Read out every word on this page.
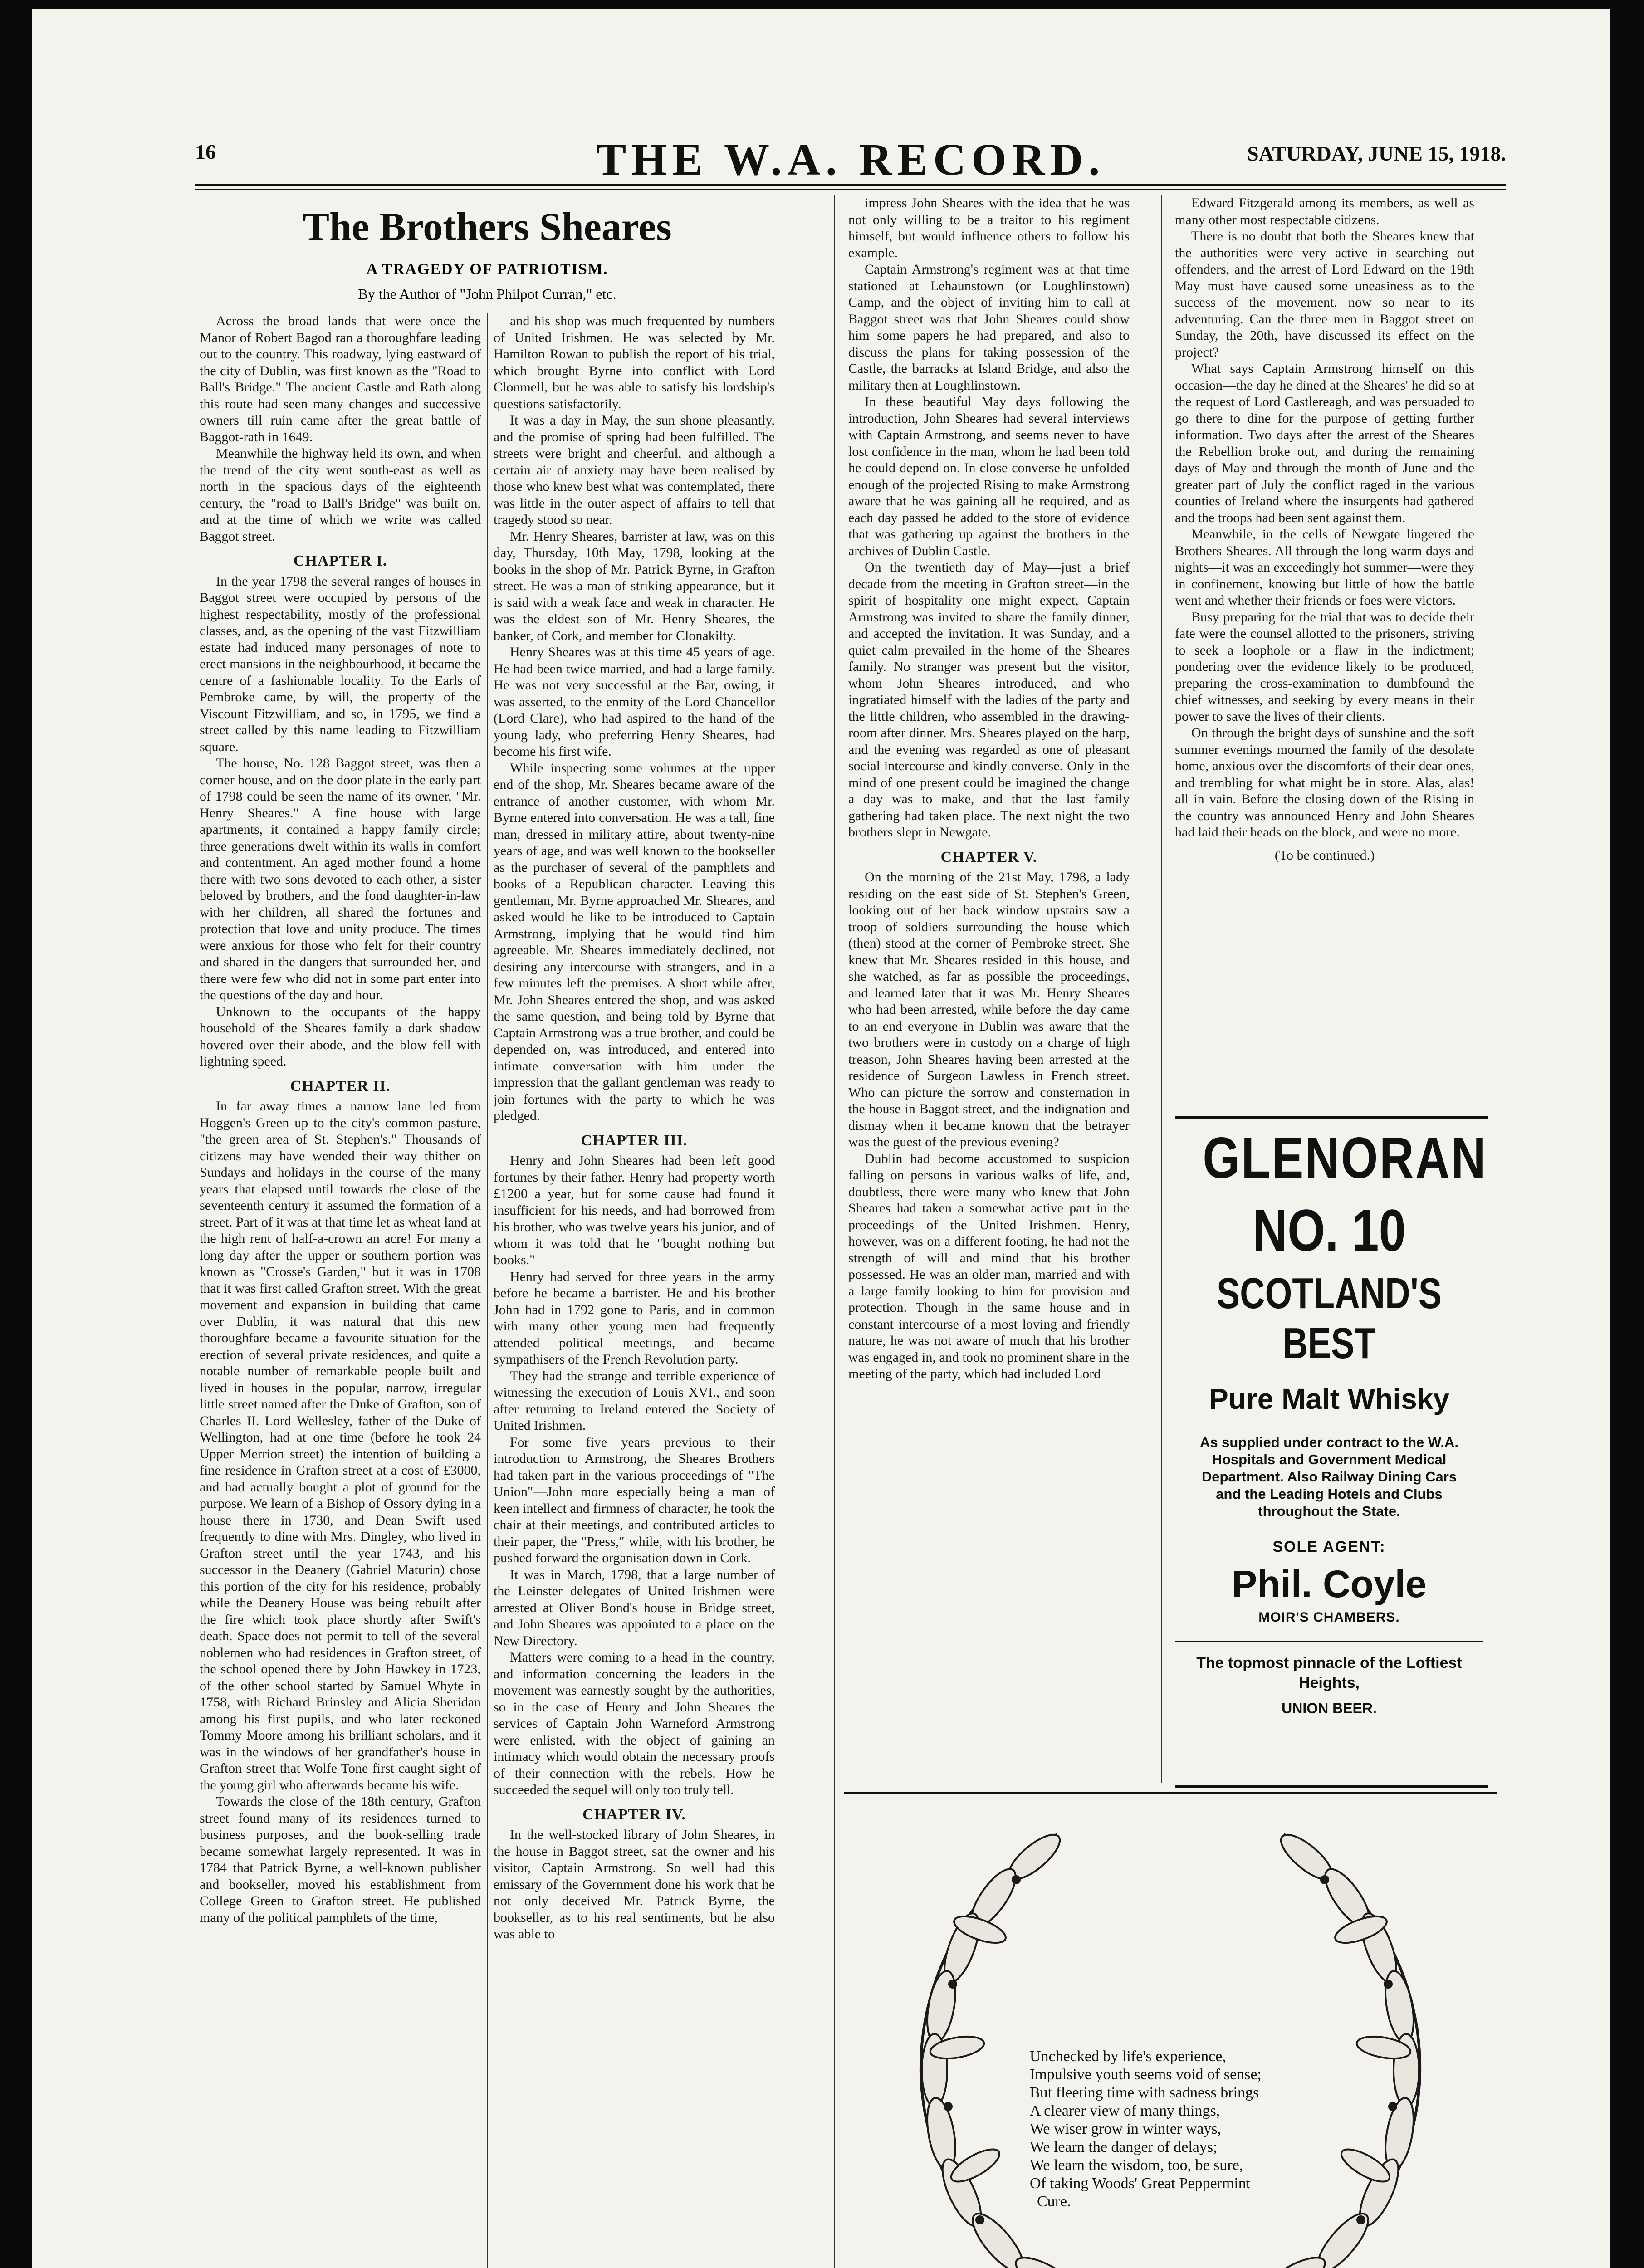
16	THE W.A. RECORD.	SATURDAY, JUNE 15, 1918.
The Brothers Sheares
A TRAGEDY OF PATRIOTISM.
By the Author of "John Philpot Curran," etc.

Across the broad lands that were once the Manor of Robert Bagod ran a thoroughfare leading out to the country. This roadway, lying eastward of the city of Dublin, was first known as the "Road to Ball's Bridge." The ancient Castle and Rath along this route had seen many changes and successive owners till ruin came after the great battle of Baggot-rath in 1649.

Meanwhile the highway held its own, and when the trend of the city went south-east as well as north in the spacious days of the eighteenth century, the "road to Ball's Bridge" was built on, and at the time of which we write was called Baggot street.

CHAPTER I.

In the year 1798 the several ranges of houses in Baggot street were occupied by persons of the highest respectability, mostly of the professional classes, and, as the opening of the vast Fitzwilliam estate had induced many personages of note to erect mansions in the neighbourhood, it became the centre of a fashionable locality. To the Earls of Pembroke came, by will, the property of the Viscount Fitzwilliam, and so, in 1795, we find a street called by this name leading to Fitzwilliam square.

The house, No. 128 Baggot street, was then a corner house, and on the door plate in the early part of 1798 could be seen the name of its owner, "Mr. Henry Sheares." A fine house with large apartments, it contained a happy family circle; three generations dwelt within its walls in comfort and contentment. An aged mother found a home there with two sons devoted to each other, a sister beloved by brothers, and the fond daughter-in-law with her children, all shared the fortunes and protection that love and unity produce. The times were anxious for those who felt for their country and shared in the dangers that surrounded her, and there were few who did not in some part enter into the questions of the day and hour.

Unknown to the occupants of the happy household of the Sheares family a dark shadow hovered over their abode, and the blow fell with lightning speed.

CHAPTER II.

In far away times a narrow lane led from Hoggen's Green up to the city's common pasture, "the green area of St. Stephen's." Thousands of citizens may have wended their way thither on Sundays and holidays in the course of the many years that elapsed until towards the close of the seventeenth century it assumed the formation of a street. Part of it was at that time let as wheat land at the high rent of half-a-crown an acre! For many a long day after the upper or southern portion was known as "Crosse's Garden," but it was in 1708 that it was first called Grafton street. With the great movement and expansion in building that came over Dublin, it was natural that this new thoroughfare became a favourite situation for the erection of several private residences, and quite a notable number of remarkable people built and lived in houses in the popular, narrow, irregular little street named after the Duke of Grafton, son of Charles II. Lord Wellesley, father of the Duke of Wellington, had at one time (before he took 24 Upper Merrion street) the intention of building a fine residence in Grafton street at a cost of £3000, and had actually bought a plot of ground for the purpose. We learn of a Bishop of Ossory dying in a house there in 1730, and Dean Swift used frequently to dine with Mrs. Dingley, who lived in Grafton street until the year 1743, and his successor in the Deanery (Gabriel Maturin) chose this portion of the city for his residence, probably while the Deanery House was being rebuilt after the fire which took place shortly after Swift's death. Space does not permit to tell of the several noblemen who had residences in Grafton street, of the school opened there by John Hawkey in 1723, of the other school started by Samuel Whyte in 1758, with Richard Brinsley and Alicia Sheridan among his first pupils, and who later reckoned Tommy Moore among his brilliant scholars, and it was in the windows of her grandfather's house in Grafton street that Wolfe Tone first caught sight of the young girl who afterwards became his wife.

Towards the close of the 18th century, Grafton street found many of its residences turned to business purposes, and the book-selling trade became somewhat largely represented. It was in 1784 that Patrick Byrne, a well-known publisher and bookseller, moved his establishment from College Green to Grafton street. He published many of the political pamphlets of the time,

and his shop was much frequented by numbers of United Irishmen. He was selected by Mr. Hamilton Rowan to publish the report of his trial, which brought Byrne into conflict with Lord Clonmell, but he was able to satisfy his lordship's questions satisfactorily.

It was a day in May, the sun shone pleasantly, and the promise of spring had been fulfilled. The streets were bright and cheerful, and although a certain air of anxiety may have been realised by those who knew best what was contemplated, there was little in the outer aspect of affairs to tell that tragedy stood so near.

Mr. Henry Sheares, barrister at law, was on this day, Thursday, 10th May, 1798, looking at the books in the shop of Mr. Patrick Byrne, in Grafton street. He was a man of striking appearance, but it is said with a weak face and weak in character. He was the eldest son of Mr. Henry Sheares, the banker, of Cork, and member for Clonakilty.

Henry Sheares was at this time 45 years of age. He had been twice married, and had a large family. He was not very successful at the Bar, owing, it was asserted, to the enmity of the Lord Chancellor (Lord Clare), who had aspired to the hand of the young lady, who preferring Henry Sheares, had become his first wife.

While inspecting some volumes at the upper end of the shop, Mr. Sheares became aware of the entrance of another customer, with whom Mr. Byrne entered into conversation. He was a tall, fine man, dressed in military attire, about twenty-nine years of age, and was well known to the bookseller as the purchaser of several of the pamphlets and books of a Republican character. Leaving this gentleman, Mr. Byrne approached Mr. Sheares, and asked would he like to be introduced to Captain Armstrong, implying that he would find him agreeable. Mr. Sheares immediately declined, not desiring any intercourse with strangers, and in a few minutes left the premises. A short while after, Mr. John Sheares entered the shop, and was asked the same question, and being told by Byrne that Captain Armstrong was a true brother, and could be depended on, was introduced, and entered into intimate conversation with him under the impression that the gallant gentleman was ready to join fortunes with the party to which he was pledged.

CHAPTER III.

Henry and John Sheares had been left good fortunes by their father. Henry had property worth £1200 a year, but for some cause had found it insufficient for his needs, and had borrowed from his brother, who was twelve years his junior, and of whom it was told that he "bought nothing but books."

Henry had served for three years in the army before he became a barrister. He and his brother John had in 1792 gone to Paris, and in common with many other young men had frequently attended political meetings, and became sympathisers of the French Revolution party.

They had the strange and terrible experience of witnessing the execution of Louis XVI., and soon after returning to Ireland entered the Society of United Irishmen.

For some five years previous to their introduction to Armstrong, the Sheares Brothers had taken part in the various proceedings of "The Union"—John more especially being a man of keen intellect and firmness of character, he took the chair at their meetings, and contributed articles to their paper, the "Press," while, with his brother, he pushed forward the organisation down in Cork.

It was in March, 1798, that a large number of the Leinster delegates of United Irishmen were arrested at Oliver Bond's house in Bridge street, and John Sheares was appointed to a place on the New Directory.

Matters were coming to a head in the country, and information concerning the leaders in the movement was earnestly sought by the authorities, so in the case of Henry and John Sheares the services of Captain John Warneford Armstrong were enlisted, with the object of gaining an intimacy which would obtain the necessary proofs of their connection with the rebels. How he succeeded the sequel will only too truly tell.

CHAPTER IV.

In the well-stocked library of John Sheares, in the house in Baggot street, sat the owner and his visitor, Captain Armstrong. So well had this emissary of the Government done his work that he not only deceived Mr. Patrick Byrne, the bookseller, as to his real sentiments, but he also was able to

impress John Sheares with the idea that he was not only willing to be a traitor to his regiment himself, but would influence others to follow his example.

Captain Armstrong's regiment was at that time stationed at Lehaunstown (or Loughlinstown) Camp, and the object of inviting him to call at Baggot street was that John Sheares could show him some papers he had prepared, and also to discuss the plans for taking possession of the Castle, the barracks at Island Bridge, and also the military then at Loughlinstown.

In these beautiful May days following the introduction, John Sheares had several interviews with Captain Armstrong, and seems never to have lost confidence in the man, whom he had been told he could depend on. In close converse he unfolded enough of the projected Rising to make Armstrong aware that he was gaining all he required, and as each day passed he added to the store of evidence that was gathering up against the brothers in the archives of Dublin Castle.

On the twentieth day of May—just a brief decade from the meeting in Grafton street—in the spirit of hospitality one might expect, Captain Armstrong was invited to share the family dinner, and accepted the invitation. It was Sunday, and a quiet calm prevailed in the home of the Sheares family. No stranger was present but the visitor, whom John Sheares introduced, and who ingratiated himself with the ladies of the party and the little children, who assembled in the drawing-room after dinner. Mrs. Sheares played on the harp, and the evening was regarded as one of pleasant social intercourse and kindly converse. Only in the mind of one present could be imagined the change a day was to make, and that the last family gathering had taken place. The next night the two brothers slept in Newgate.

CHAPTER V.

On the morning of the 21st May, 1798, a lady residing on the east side of St. Stephen's Green, looking out of her back window upstairs saw a troop of soldiers surrounding the house which (then) stood at the corner of Pembroke street. She knew that Mr. Sheares resided in this house, and she watched, as far as possible the proceedings, and learned later that it was Mr. Henry Sheares who had been arrested, while before the day came to an end everyone in Dublin was aware that the two brothers were in custody on a charge of high treason, John Sheares having been arrested at the residence of Surgeon Lawless in French street. Who can picture the sorrow and consternation in the house in Baggot street, and the indignation and dismay when it became known that the betrayer was the guest of the previous evening?

Dublin had become accustomed to suspicion falling on persons in various walks of life, and, doubtless, there were many who knew that John Sheares had taken a somewhat active part in the proceedings of the United Irishmen. Henry, however, was on a different footing, he had not the strength of will and mind that his brother possessed. He was an older man, married and with a large family looking to him for provision and protection. Though in the same house and in constant intercourse of a most loving and friendly nature, he was not aware of much that his brother was engaged in, and took no prominent share in the meeting of the party, which had included Lord

Edward Fitzgerald among its members, as well as many other most respectable citizens.

There is no doubt that both the Sheares knew that the authorities were very active in searching out offenders, and the arrest of Lord Edward on the 19th May must have caused some uneasiness as to the success of the movement, now so near to its adventuring. Can the three men in Baggot street on Sunday, the 20th, have discussed its effect on the project?

What says Captain Armstrong himself on this occasion—the day he dined at the Sheares' he did so at the request of Lord Castlereagh, and was persuaded to go there to dine for the purpose of getting further information. Two days after the arrest of the Sheares the Rebellion broke out, and during the remaining days of May and through the month of June and the greater part of July the conflict raged in the various counties of Ireland where the insurgents had gathered and the troops had been sent against them.

Meanwhile, in the cells of Newgate lingered the Brothers Sheares. All through the long warm days and nights—it was an exceedingly hot summer—were they in confinement, knowing but little of how the battle went and whether their friends or foes were victors.

Busy preparing for the trial that was to decide their fate were the counsel allotted to the prisoners, striving to seek a loophole or a flaw in the indictment; pondering over the evidence likely to be produced, preparing the cross-examination to dumbfound the chief witnesses, and seeking by every means in their power to save the lives of their clients.

On through the bright days of sunshine and the soft summer evenings mourned the family of the desolate home, anxious over the discomforts of their dear ones, and trembling for what might be in store. Alas, alas! all in vain. Before the closing down of the Rising in the country was announced Henry and John Sheares had laid their heads on the block, and were no more.

(To be continued.)

GLENORAN
NO. 10
SCOTLAND'S BEST
Pure Malt Whisky
As supplied under contract to the W.A. Hospitals and Government Medical Department. Also Railway Dining Cars and the Leading Hotels and Clubs throughout the State.
SOLE AGENT:
Phil. Coyle
MOIR'S CHAMBERS.
The topmost pinnacle of the Loftiest Heights,
UNION BEER.
Unchecked by life's experience,
Impulsive youth seems void of sense;
But fleeting time with sadness brings
A clearer view of many things,
We wiser grow in winter ways,
We learn the danger of delays;
We learn the wisdom, too, be sure,
Of taking Woods' Great Peppermint
Cure.
